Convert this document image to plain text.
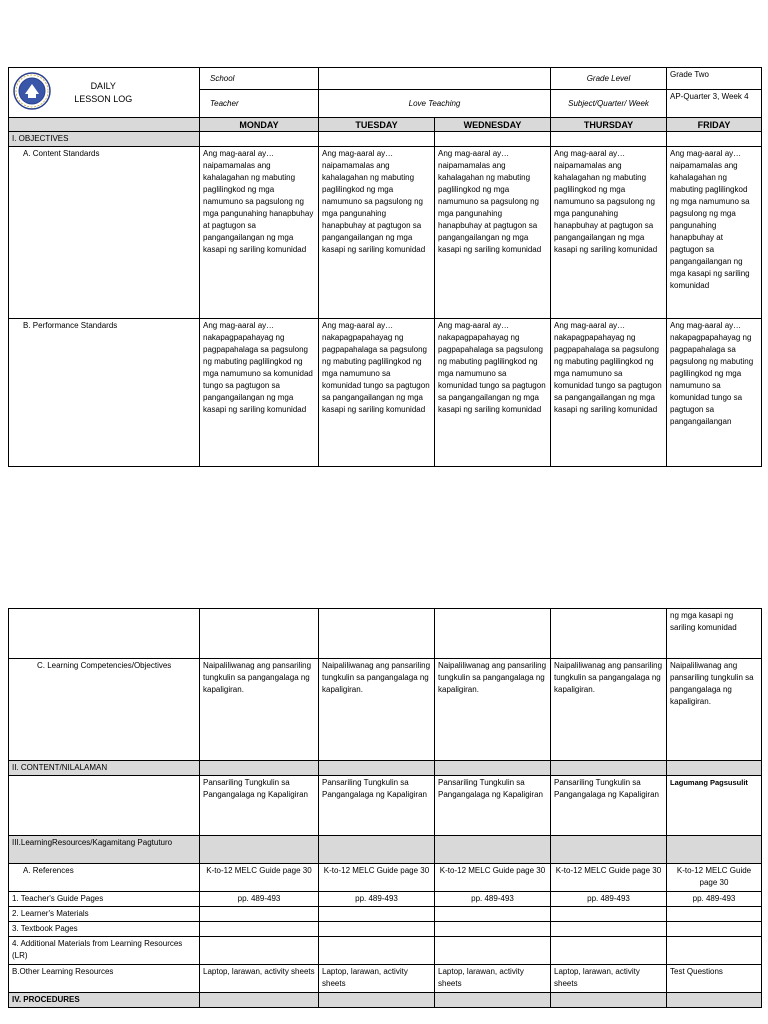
DAILY LESSON LOG	School			Grade Level	Grade Two
	Teacher	Love Teaching		Subject/Quarter/ Week	AP-Quarter 3, Week 4
	MONDAY	TUESDAY	WEDNESDAY	THURSDAY	FRIDAY
I. OBJECTIVES					
A. Content Standards	Ang mag-aaral ay… naipamamalas ang kahalagahan ng mabuting paglilingkod ng mga namumuno sa pagsulong ng mga pangunahing hanapbuhay at pagtugon sa pangangailangan ng mga kasapi ng sariling komunidad	Ang mag-aaral ay… naipamamalas ang kahalagahan ng mabuting paglilingkod ng mga namumuno sa pagsulong ng mga pangunahing hanapbuhay at pagtugon sa pangangailangan ng mga kasapi ng sariling komunidad	Ang mag-aaral ay… naipamamalas ang kahalagahan ng mabuting paglilingkod ng mga namumuno sa pagsulong ng mga pangunahing hanapbuhay at pagtugon sa pangangailangan ng mga kasapi ng sariling komunidad	Ang mag-aaral ay… naipamamalas ang kahalagahan ng mabuting paglilingkod ng mga namumuno sa pagsulong ng mga pangunahing hanapbuhay at pagtugon sa pangangailangan ng mga kasapi ng sariling komunidad	Ang mag-aaral ay… naipamamalas ang kahalagahan ng mabuting paglilingkod ng mga namumuno sa pagsulong ng mga pangunahing hanapbuhay at pagtugon sa pangangailangan ng mga kasapi ng sariling komunidad
B. Performance Standards	Ang mag-aaral ay… nakapagpapahayag ng pagpapahalaga sa pagsulong ng mabuting paglilingkod ng mga namumuno sa komunidad tungo sa pagtugon sa pangangailangan ng mga kasapi ng sariling komunidad	Ang mag-aaral ay… nakapagpapahayag ng pagpapahalaga sa pagsulong ng mabuting paglilingkod ng mga namumuno sa komunidad tungo sa pagtugon sa pangangailangan ng mga kasapi ng sariling komunidad	Ang mag-aaral ay… nakapagpapahayag ng pagpapahalaga sa pagsulong ng mabuting paglilingkod ng mga namumuno sa komunidad tungo sa pagtugon sa pangangailangan ng mga kasapi ng sariling komunidad	Ang mag-aaral ay… nakapagpapahayag ng pagpapahalaga sa pagsulong ng mabuting paglilingkod ng mga namumuno sa komunidad tungo sa pagtugon sa pangangailangan ng mga kasapi ng sariling komunidad	Ang mag-aaral ay… nakapagpapahayag ng pagpapahalaga sa pagsulong ng mabuting paglilingkod ng mga namumuno sa komunidad tungo sa pagtugon sa pangangailangan
					ng mga kasapi ng sariling komunidad
C. Learning Competencies/Objectives	Naipaliliwanag ang pansariling tungkulin sa pangangalaga ng kapaligiran.	Naipaliliwanag ang pansariling tungkulin sa pangangalaga ng kapaligiran.	Naipaliliwanag ang pansariling tungkulin sa pangangalaga ng kapaligiran.	Naipaliliwanag ang pansariling tungkulin sa pangangalaga ng kapaligiran.	Naipaliliwanag ang pansariling tungkulin sa pangangalaga ng kapaligiran.
II. CONTENT/NILALAMAN					
	Pansariling Tungkulin sa Pangangalaga ng Kapaligiran	Pansariling Tungkulin sa Pangangalaga ng Kapaligiran	Pansariling Tungkulin sa Pangangalaga ng Kapaligiran	Pansariling Tungkulin sa Pangangalaga ng Kapaligiran	Lagumang Pagsusulit
III.LearningResources/Kagamitang Pagtuturo					
A. References	K-to-12 MELC Guide page 30	K-to-12 MELC Guide page 30	K-to-12 MELC Guide page 30	K-to-12 MELC Guide page 30	K-to-12 MELC Guide page 30
1. Teacher's Guide Pages	pp. 489-493	pp. 489-493	pp. 489-493	pp. 489-493	pp. 489-493
2. Learner's Materials					
3. Textbook Pages					
4. Additional Materials from Learning Resources (LR)					
B.Other Learning Resources	Laptop, larawan, activity sheets	Laptop, larawan, activity sheets	Laptop, larawan, activity sheets	Laptop, larawan, activity sheets	Test Questions
IV. PROCEDURES					
